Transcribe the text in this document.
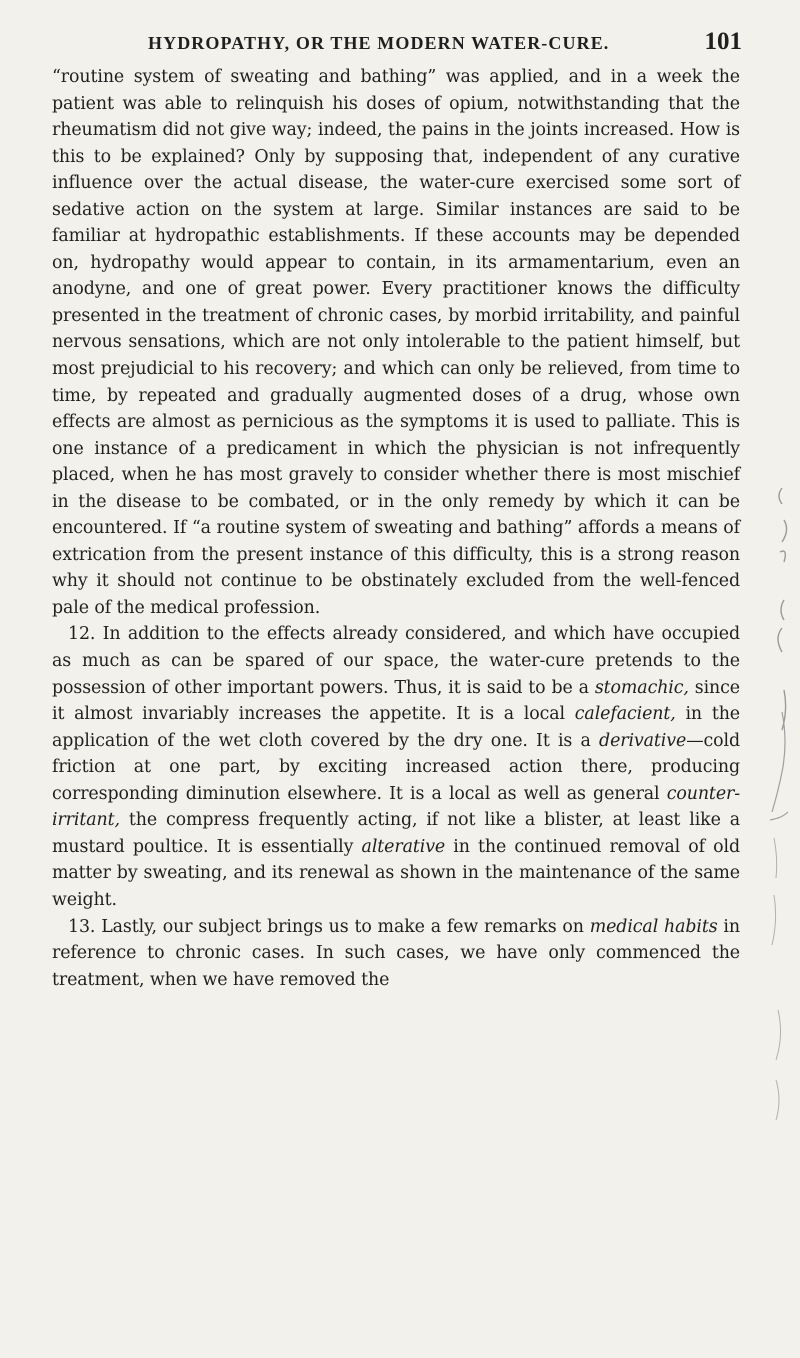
HYDROPATHY, OR THE MODERN WATER-CURE.	101

“routine system of sweating and bathing” was applied, and in a week the patient was able to relinquish his doses of opium, notwithstanding that the rheumatism did not give way; indeed, the pains in the joints increased. How is this to be explained? Only by supposing that, independent of any curative influence over the actual disease, the water-cure exercised some sort of sedative action on the system at large. Similar instances are said to be familiar at hydropathic establishments. If these accounts may be depended on, hydropathy would appear to contain, in its armamentarium, even an anodyne, and one of great power. Every practitioner knows the difficulty presented in the treatment of chronic cases, by morbid irritability, and painful nervous sensations, which are not only intolerable to the patient himself, but most prejudicial to his recovery; and which can only be relieved, from time to time, by repeated and gradually augmented doses of a drug, whose own effects are almost as pernicious as the symptoms it is used to palliate. This is one instance of a predicament in which the physician is not infrequently placed, when he has most gravely to consider whether there is most mischief in the disease to be combated, or in the only remedy by which it can be encountered. If “a routine system of sweating and bathing” affords a means of extrication from the present instance of this difficulty, this is a strong reason why it should not continue to be obstinately excluded from the well-fenced pale of the medical profession.

12. In addition to the effects already considered, and which have occupied as much as can be spared of our space, the water-cure pretends to the possession of other important powers. Thus, it is said to be a stomachic, since it almost invariably increases the appetite. It is a local calefacient, in the application of the wet cloth covered by the dry one. It is a derivative—cold friction at one part, by exciting increased action there, producing corresponding diminution elsewhere. It is a local as well as general counter-irritant, the compress frequently acting, if not like a blister, at least like a mustard poultice. It is essentially alterative in the continued removal of old matter by sweating, and its renewal as shown in the maintenance of the same weight.

13. Lastly, our subject brings us to make a few remarks on medical habits in reference to chronic cases. In such cases, we have only commenced the treatment, when we have removed the
